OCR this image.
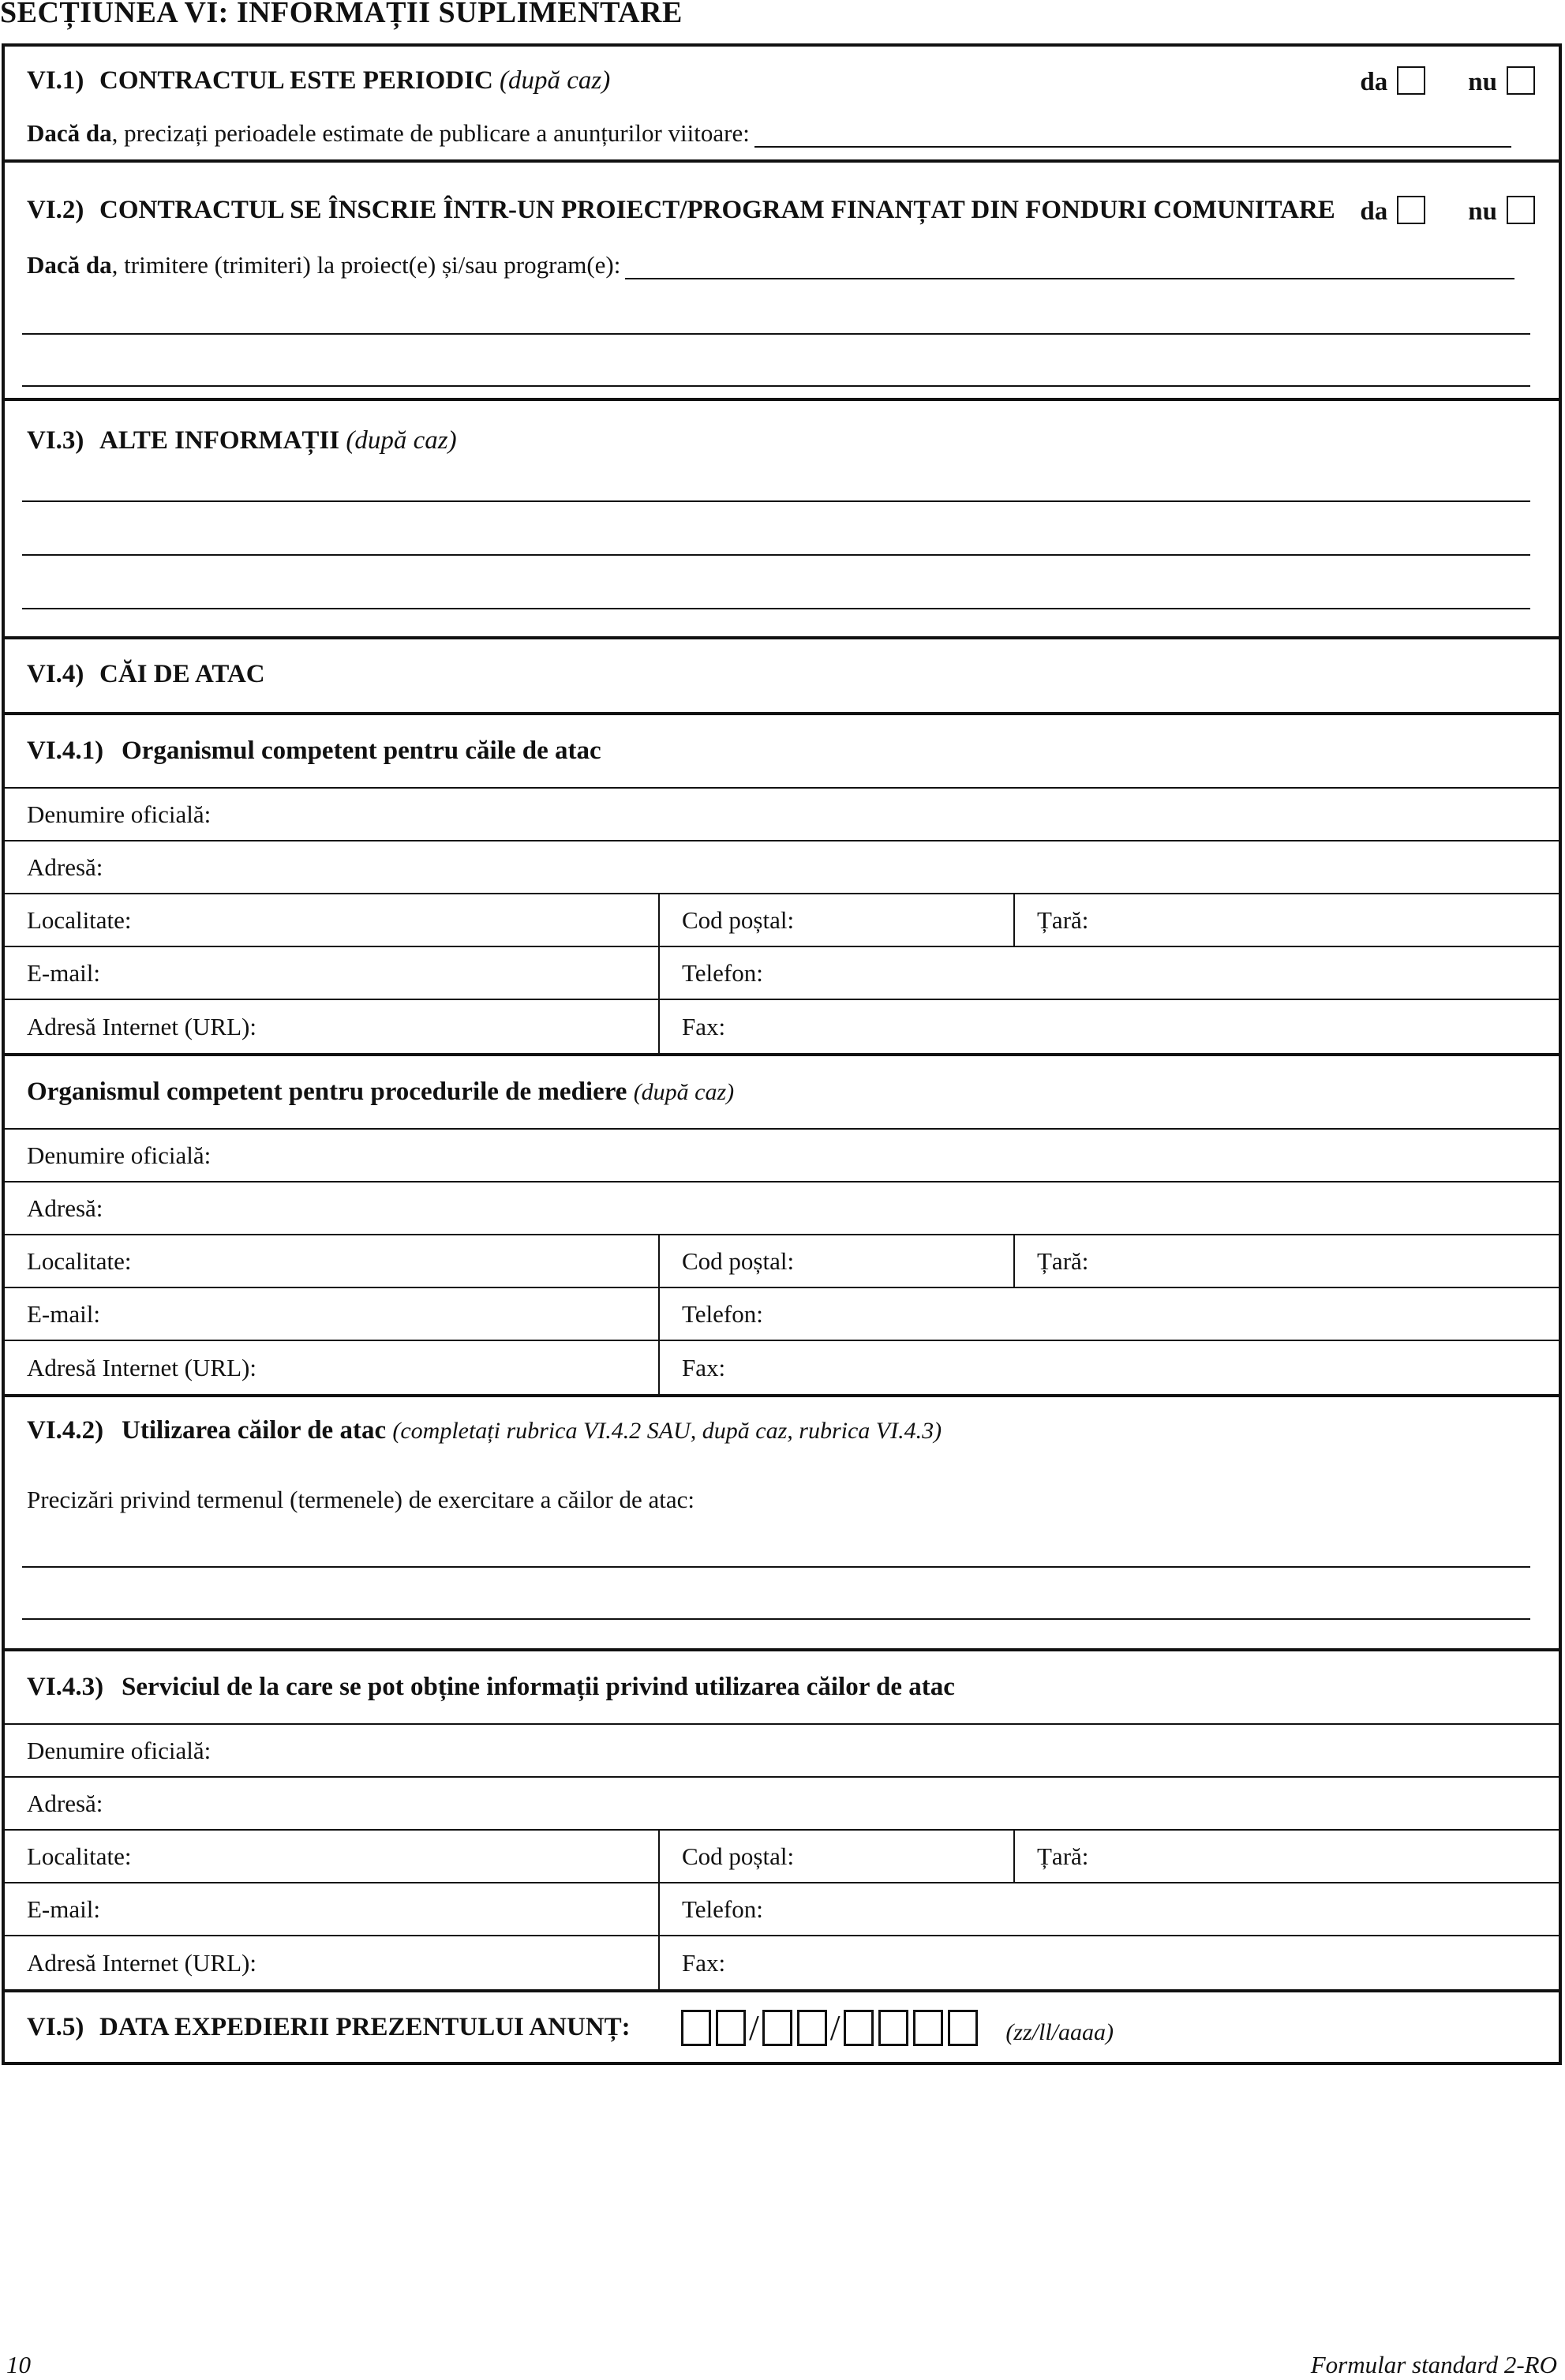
SECȚIUNEA VI: INFORMAȚII SUPLIMENTARE
VI.1) CONTRACTUL ESTE PERIODIC (după caz)	da	nu
Dacă da , precizați perioadele estimate de publicare a anunțurilor viitoare:
VI.2) CONTRACTUL SE ÎNSCRIE ÎNTR-UN PROIECT/PROGRAM FINANȚAT DIN FONDURI COMUNITARE da	nu
Dacă da , trimitere (trimiteri) la proiect(e) și/sau program(e):
VI.3) ALTE INFORMAȚII (după caz)
VI.4) CĂI DE ATAC
VI.4.1) Organismul competent pentru căile de atac
Denumire oficială:
Adresă:
Localitate:	Cod poștal:	Țară:
E-mail:	Telefon:
Adresă Internet (URL):	Fax:
Organismul competent pentru procedurile de mediere
(după caz)
Denumire oficială:
Adresă:
Localitate:	Cod poștal:	Țară:
E-mail:	Telefon:
Adresă Internet (URL):	Fax:
VI.4.2) Utilizarea căilor de atac (completați rubrica VI.4.2 SAU, după caz, rubrica VI.4.3)
Precizări privind termenul (termenele) de exercitare a căilor de atac:
VI.4.3) Serviciul de la care se pot obține informații privind utilizarea căilor de atac
Denumire oficială:
Adresă:
Localitate:	Cod poștal:	Țară:
E-mail:	Telefon:
Adresă Internet (URL):	Fax:
VI.5) DATA EXPEDIERII PREZENTULUI ANUNȚ:	/ /	(zz/ll/aaaa)
10	Formular standard 2-RO
